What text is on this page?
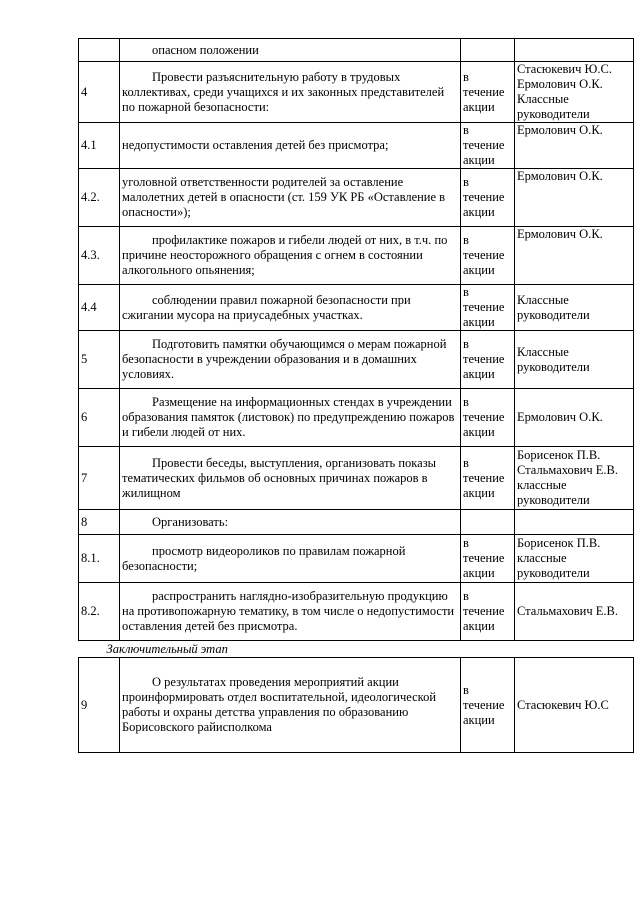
	опасном положении		

4	Провести разъяснительную работу в трудовых коллективах, среди учащихся и их законных представителей по пожарной безопасности:	в течение акции	Стасюкевич Ю.С.
Ермолович О.К.
Классные
руководители

4.1	недопустимости оставления детей без присмотра;	в течение акции	Ермолович О.К.

4.2.	уголовной ответственности родителей за оставление малолетних детей в опасности (ст. 159 УК РБ «Оставление в опасности»);	в течение акции	Ермолович О.К.

4.3.	профилактике пожаров и гибели людей от них, в т.ч. по причине неосторожного обращения с огнем в состоянии алкогольного опьянения;	в течение акции	Ермолович О.К.

4.4	соблюдении правил пожарной безопасности при сжигании мусора на приусадебных участках.	в течение акции	Классные
руководители

5	Подготовить памятки обучающимся о мерам пожарной безопасности в учреждении образования и в домашних условиях.	в течение акции	Классные
руководители

6	Размещение на информационных стендах в учреждении образования памяток (листовок) по предупреждению пожаров и гибели людей от них.	в течение акции	Ермолович О.К.

7	Провести беседы, выступления, организовать показы тематических фильмов об основных причинах пожаров в жилищном	в течение акции	Борисенок П.В.
Стальмахович Е.В.
классные
руководители

8	Организовать:		

8.1.	просмотр видеороликов по правилам пожарной безопасности;	в течение акции	Борисенок П.В.
классные
руководители

8.2.	распространить наглядно-изобразительную продукцию на противопожарную тематику, в том числе о недопустимости оставления детей без присмотра.	в течение акции	Стальмахович Е.В.

Заключительный этап			
9	О результатах проведения мероприятий акции проинформировать отдел воспитательной, идеологической работы и охраны детства управления по образованию Борисовского райисполкома	в течение акции	Стасюкевич Ю.С
